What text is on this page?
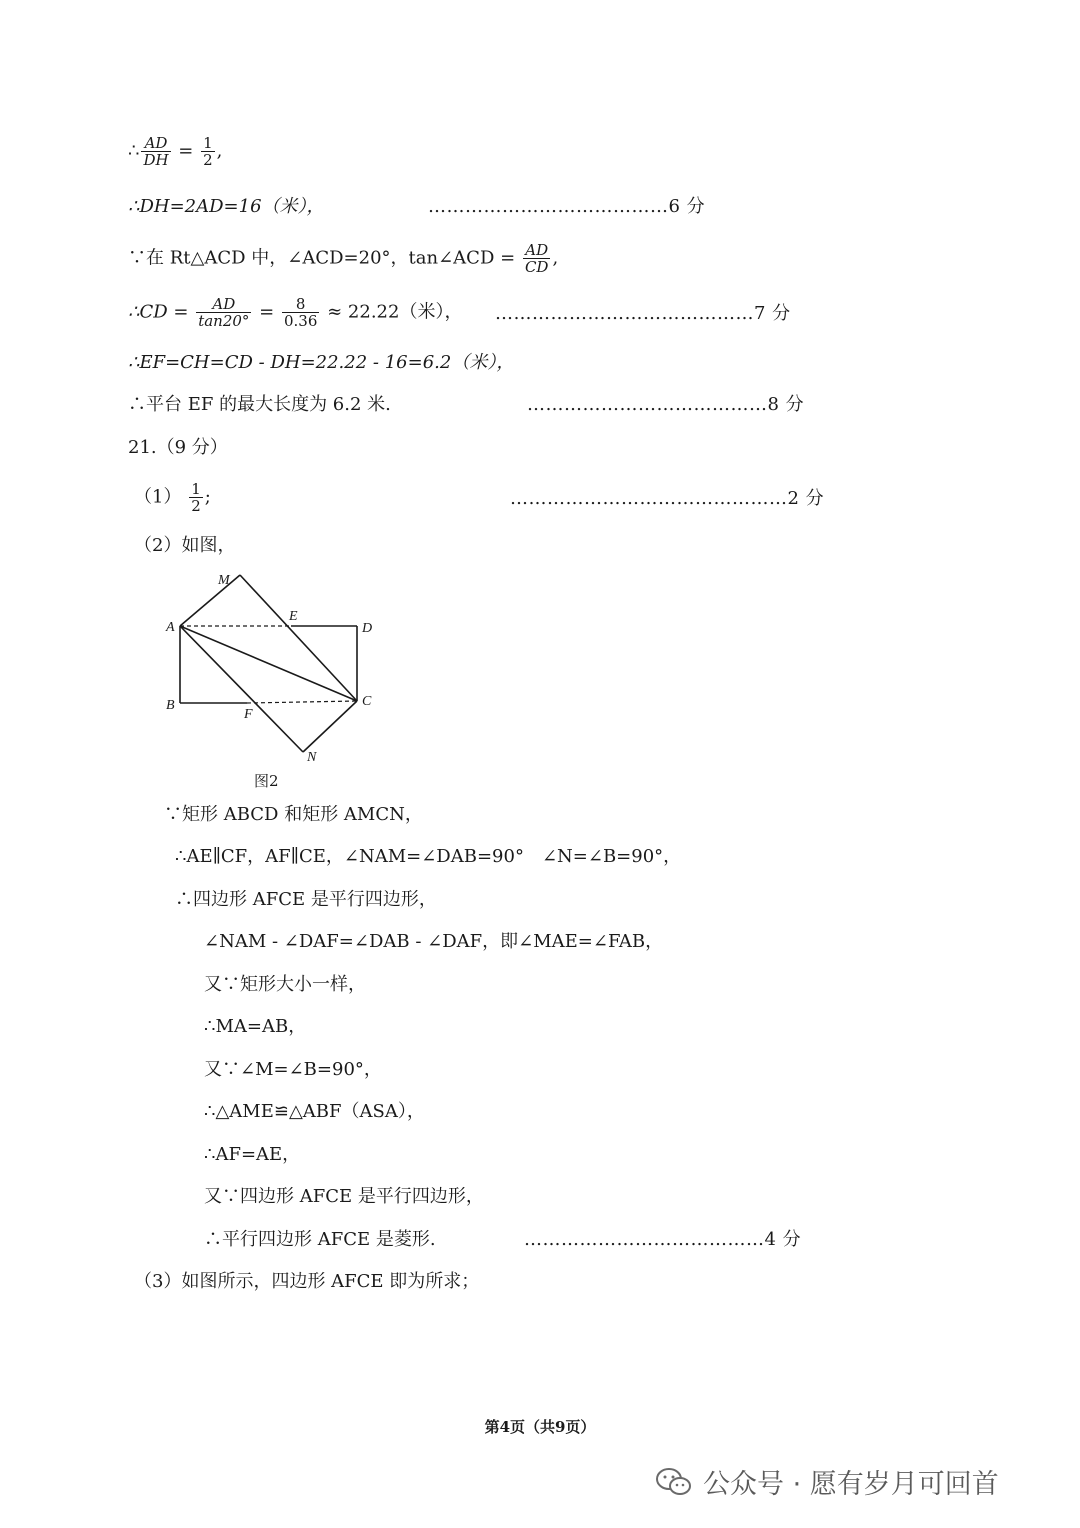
∴ $\frac{AD}{DH} = \frac{1}{2}$ ,
∴DH=2AD=16（米），	…………………………………6 分
∵在 Rt△ACD 中，∠ACD=20°，tan∠ACD = $\frac{AD}{CD}$ ,
∴CD = $\frac{AD}{\tan 20^\circ} = \frac{8}{0.36} \approx 22.22$（米）， ……………………………………7 分
∴EF=CH=CD - DH=22.22 - 16=6.2（米），
∴平台 EF 的最大长度为 6.2 米.	…………………………………8 分
21.（9 分）
$(1) \frac{1}{2}$ ;	………………………………………2 分
（2）如图，
M
A
E
D
B
F
C
N
图2
∵矩形 ABCD 和矩形 AMCN，
∴AE∥CF，AF∥CE，∠NAM=∠DAB=90°　∠N=∠B=90°，
∴四边形 AFCE 是平行四边形，
∠NAM - ∠DAF=∠DAB - ∠DAF，即∠MAE=∠FAB，
又∵矩形大小一样，
∴MA=AB，
又∵∠M=∠B=90°，
∴△AME≌△ABF（ASA），
∴AF=AE，
又∵四边形 AFCE 是平行四边形，
∴平行四边形 AFCE 是菱形.	…………………………………4 分
（3）如图所示，四边形 AFCE 即为所求；
第4页（共9页）
公众号 · 愿有岁月可回首
